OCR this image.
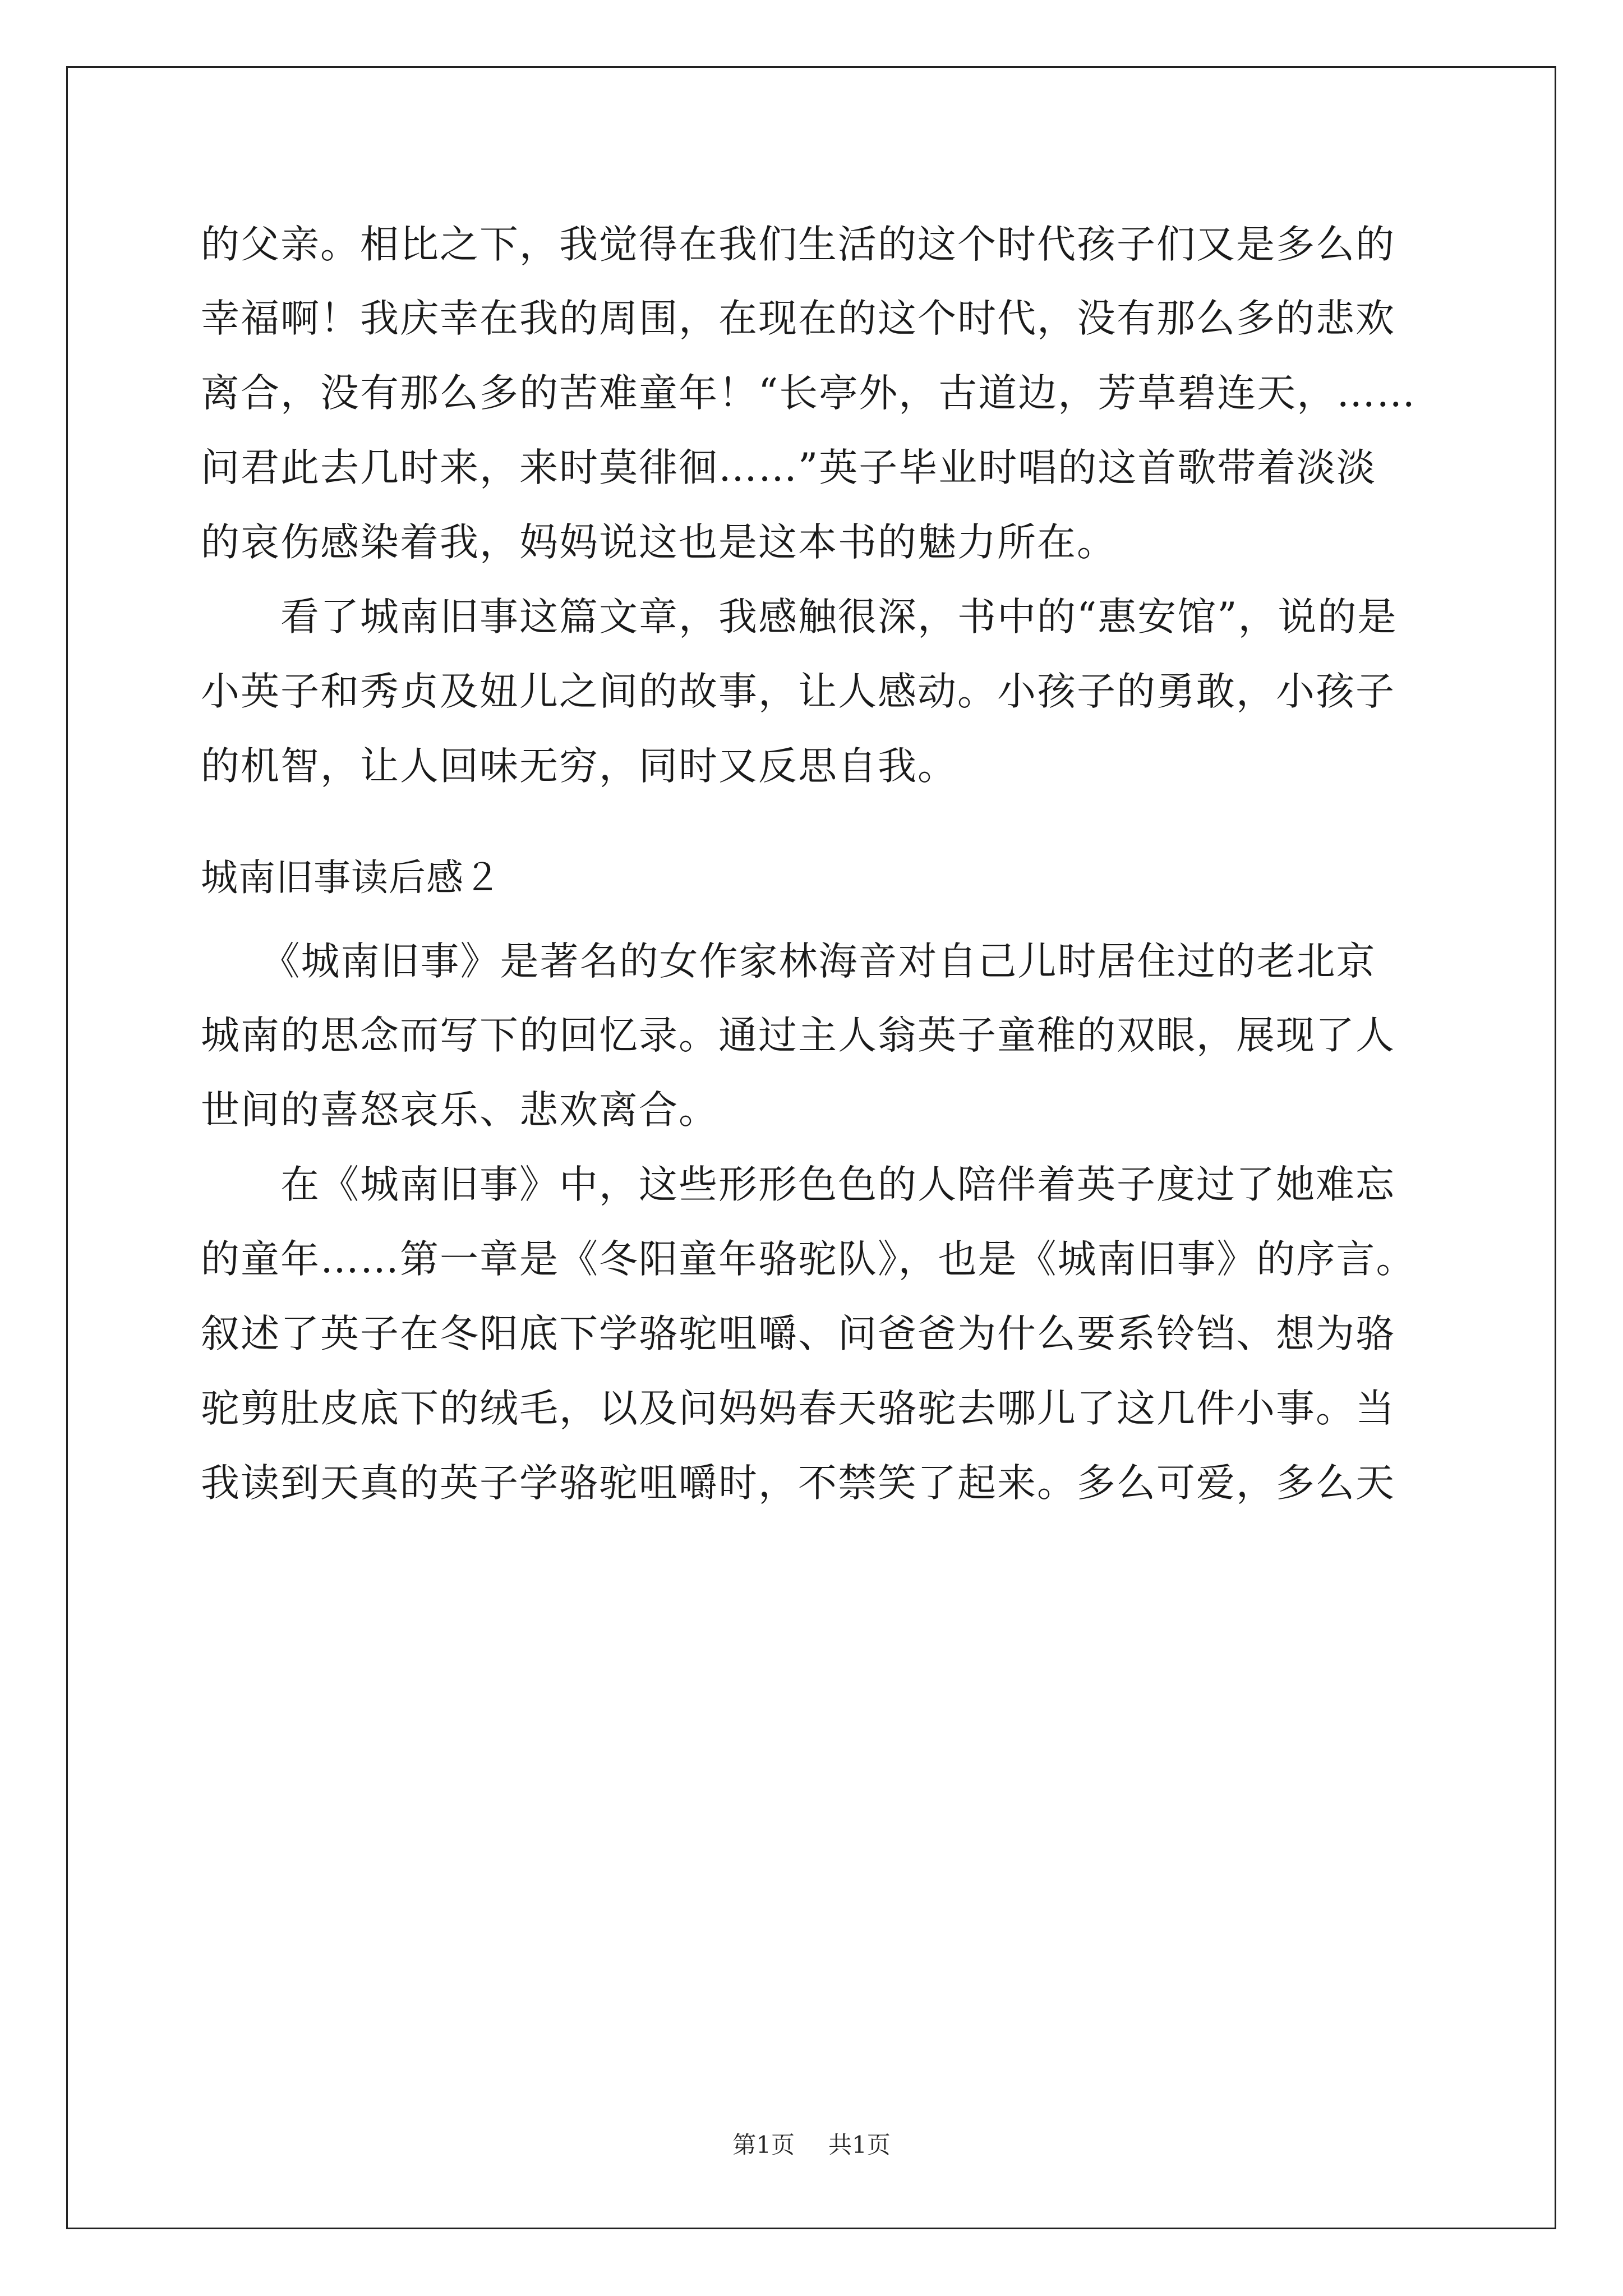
的父亲。相比之下，我觉得在我们生活的这个时代孩子们又是多么的
幸福啊！我庆幸在我的周围，在现在的这个时代，没有那么多的悲欢
离合，没有那么多的苦难童年！“长亭外，古道边，芳草碧连天，……
问君此去几时来，来时莫徘徊……”英子毕业时唱的这首歌带着淡淡
的哀伤感染着我，妈妈说这也是这本书的魅力所在。
　　看了城南旧事这篇文章，我感触很深，书中的“惠安馆”，说的是
小英子和秀贞及妞儿之间的故事，让人感动。小孩子的勇敢，小孩子
的机智，让人回味无穷，同时又反思自我。
城南旧事读后感２
　　《城南旧事》是著名的女作家林海音对自己儿时居住过的老北京
城南的思念而写下的回忆录。通过主人翁英子童稚的双眼，展现了人
世间的喜怒哀乐、悲欢离合。
　　在《城南旧事》中，这些形形色色的人陪伴着英子度过了她难忘
的童年……第一章是《冬阳童年骆驼队》，也是《城南旧事》的序言。
叙述了英子在冬阳底下学骆驼咀嚼、问爸爸为什么要系铃铛、想为骆
驼剪肚皮底下的绒毛，以及问妈妈春天骆驼去哪儿了这几件小事。当
我读到天真的英子学骆驼咀嚼时，不禁笑了起来。多么可爱，多么天
第1页 共1页
